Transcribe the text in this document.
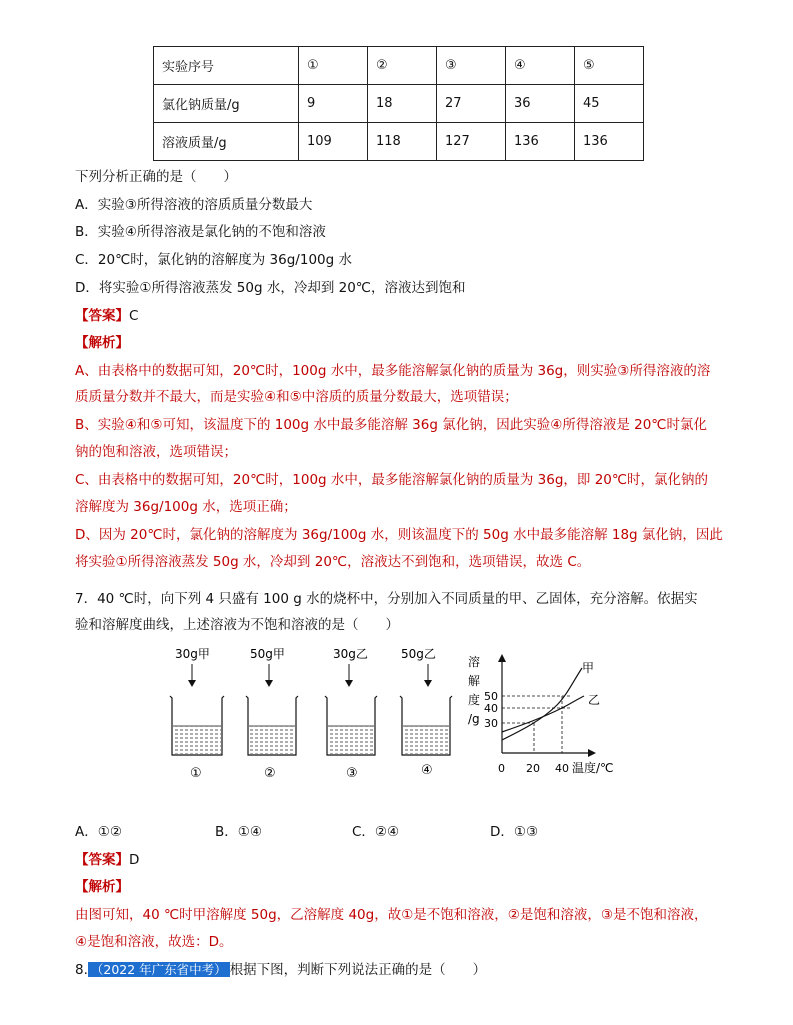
实验序号	①	②	③	④	⑤
氯化钠质量/g	9	18	27	36	45
溶液质量/g	109	118	127	136	136
下列分析正确的是（　　）
A．实验③所得溶液的溶质质量分数最大
B．实验④所得溶液是氯化钠的不饱和溶液
C．20℃时，氯化钠的溶解度为 36g/100g 水
D．将实验①所得溶液蒸发 50g 水，冷却到 20℃，溶液达到饱和
【答案】C
【解析】
A、由表格中的数据可知，20℃时，100g 水中，最多能溶解氯化钠的质量为 36g，则实验③所得溶液的溶
质质量分数并不最大，而是实验④和⑤中溶质的质量分数最大，选项错误；
B、实验④和⑤可知，该温度下的 100g 水中最多能溶解 36g 氯化钠，因此实验④所得溶液是 20℃时氯化
钠的饱和溶液，选项错误；
C、由表格中的数据可知，20℃时，100g 水中，最多能溶解氯化钠的质量为 36g，即 20℃时，氯化钠的
溶解度为 36g/100g 水，选项正确；
D、因为 20℃时，氯化钠的溶解度为 36g/100g 水，则该温度下的 50g 水中最多能溶解 18g 氯化钠，因此
将实验①所得溶液蒸发 50g 水，冷却到 20℃，溶液达不到饱和，选项错误，故选 C。
7．40 ℃时，向下列 4 只盛有 100 g 水的烧杯中，分别加入不同质量的甲、乙固体，充分溶解。依据实
验和溶解度曲线，上述溶液为不饱和溶液的是（　　）
30g甲
①
50g甲
②
30g乙
③
50g乙
④
溶
解
度
/g
50
40
30
甲
乙
0 20 40 温度/℃
A．①②	B．①④	C．②④	D．①③
【答案】D
【解析】
由图可知，40 ℃时甲溶解度 50g，乙溶解度 40g，故①是不饱和溶液，②是饱和溶液，③是不饱和溶液，
④是饱和溶液，故选：D。
8. （2022 年广东省中考） 根据下图，判断下列说法正确的是（　　）
